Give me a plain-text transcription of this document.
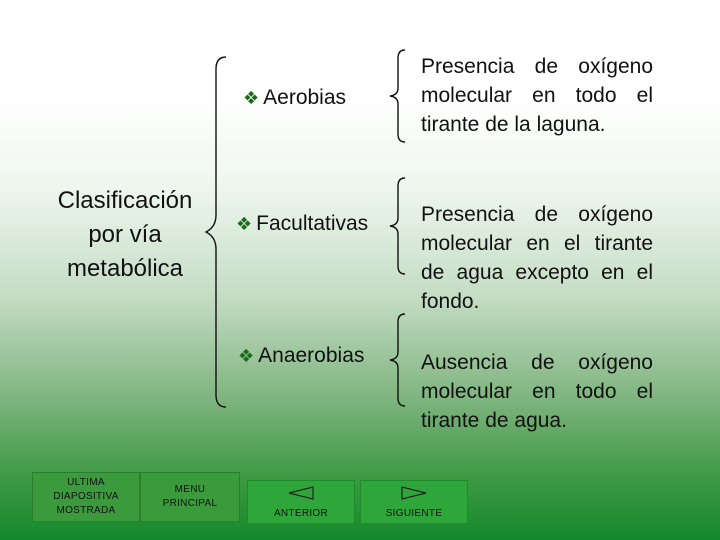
Clasificación por vía metabólica
❖ Aerobias
Presencia de oxígeno molecular en todo el tirante de la laguna.
❖ Facultativas	Presencia de oxígeno molecular en el tirante de agua excepto en el fondo.
❖ Anaerobias	Ausencia de oxígeno molecular en todo el tirante de agua.
ULTIMA DIAPOSITIVA MOSTRADA
MENU PRINCIPAL
ANTERIOR	SIGUIENTE
